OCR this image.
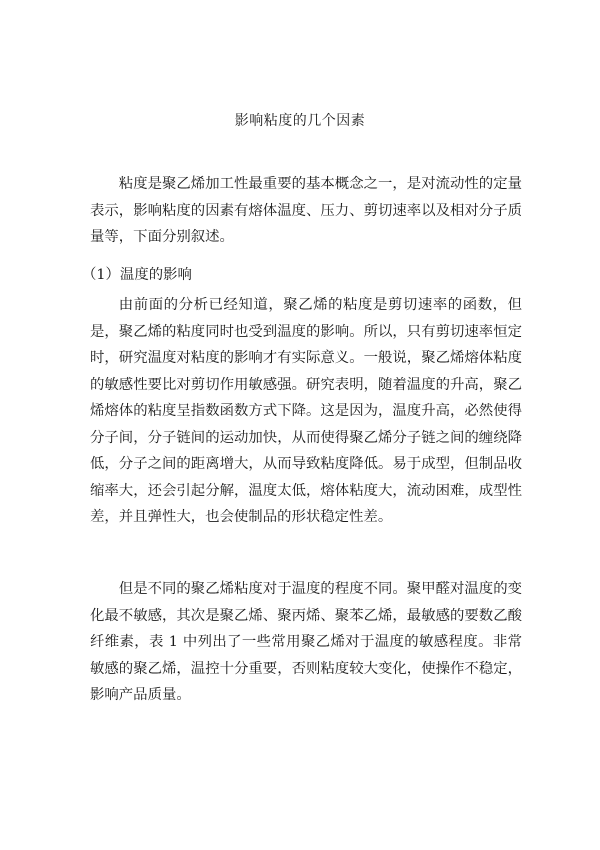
影响粘度的几个因素

粘度是聚乙烯加工性最重要的基本概念之一，是对流动性的定量表示，影响粘度的因素有熔体温度、压力、剪切速率以及相对分子质量等，下面分别叙述。

（1）温度的影响

由前面的分析已经知道，聚乙烯的粘度是剪切速率的函数，但是，聚乙烯的粘度同时也受到温度的影响。所以，只有剪切速率恒定时，研究温度对粘度的影响才有实际意义。一般说，聚乙烯熔体粘度的敏感性要比对剪切作用敏感强。研究表明，随着温度的升高，聚乙烯熔体的粘度呈指数函数方式下降。这是因为，温度升高，必然使得分子间，分子链间的运动加快，从而使得聚乙烯分子链之间的缠绕降低，分子之间的距离增大，从而导致粘度降低。易于成型，但制品收缩率大，还会引起分解，温度太低，熔体粘度大，流动困难，成型性差，并且弹性大，也会使制品的形状稳定性差。

但是不同的聚乙烯粘度对于温度的程度不同。聚甲醛对温度的变化最不敏感，其次是聚乙烯、聚丙烯、聚苯乙烯，最敏感的要数乙酸纤维素，表 1 中列出了一些常用聚乙烯对于温度的敏感程度。非常敏感的聚乙烯，温控十分重要，否则粘度较大变化，使操作不稳定，影响产品质量。
